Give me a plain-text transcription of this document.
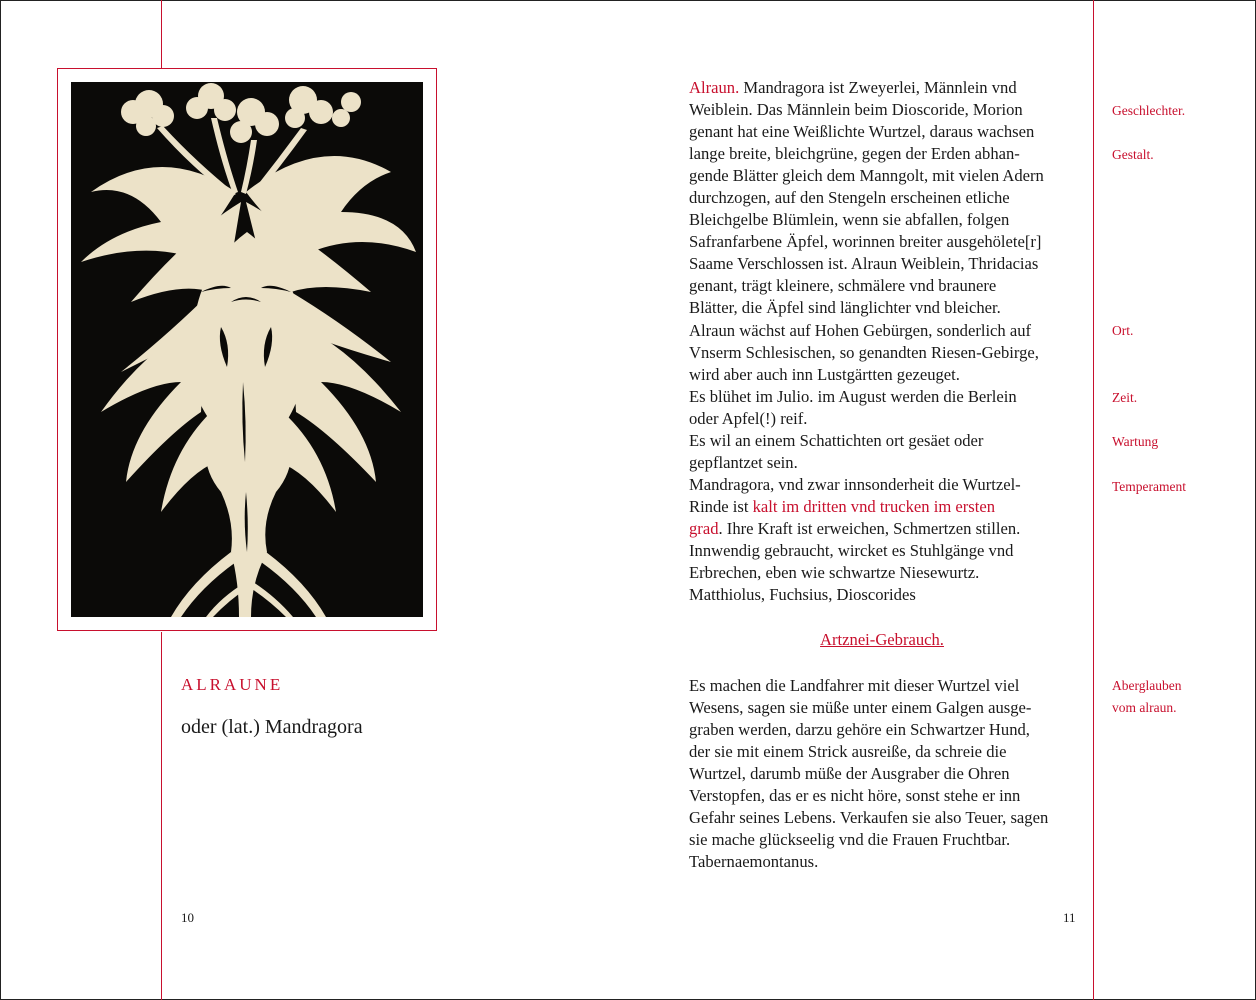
ALRAUNE
oder (lat.) Mandragora
10
Alraun. Mandragora ist Zweyerlei, Männlein vnd
Weiblein. Das Männlein beim Dioscoride, Morion
genant hat eine Weißlichte Wurtzel, daraus wachsen
lange breite, bleichgrüne, gegen der Erden abhan-
gende Blätter gleich dem Manngolt, mit vielen Adern
durchzogen, auf den Stengeln erscheinen etliche
Bleichgelbe Blümlein, wenn sie abfallen, folgen
Safranfarbene Äpfel, worinnen breiter ausgehölete[r]
Saame Verschlossen ist. Alraun Weiblein, Thridacias
genant, trägt kleinere, schmälere vnd braunere
Blätter, die Äpfel sind länglichter vnd bleicher.
Alraun wächst auf Hohen Gebürgen, sonderlich auf
Vnserm Schlesischen, so genandten Riesen-Gebirge,
wird aber auch inn Lustgärtten gezeuget.
Es blühet im Julio. im August werden die Berlein
oder Apfel(!) reif.
Es wil an einem Schattichten ort gesäet oder
gepflantzet sein.
Mandragora, vnd zwar innsonderheit die Wurtzel-
Rinde ist kalt im dritten vnd trucken im ersten
grad. Ihre Kraft ist erweichen, Schmertzen stillen.
Innwendig gebraucht, wircket es Stuhlgänge vnd
Erbrechen, eben wie schwartze Niesewurtz.
Matthiolus, Fuchsius, Dioscorides
Artznei-Gebrauch.
Es machen die Landfahrer mit dieser Wurtzel viel
Wesens, sagen sie müße unter einem Galgen ausge-
graben werden, darzu gehöre ein Schwartzer Hund,
der sie mit einem Strick ausreiße, da schreie die
Wurtzel, darumb müße der Ausgraber die Ohren
Verstopfen, das er es nicht höre, sonst stehe er inn
Gefahr seines Lebens. Verkaufen sie also Teuer, sagen
sie mache glückseelig vnd die Frauen Fruchtbar.
Tabernaemontanus.
11
Geschlechter.
Gestalt.
Ort.
Zeit.
Wartung
Temperament
Aberglauben
vom alraun.
